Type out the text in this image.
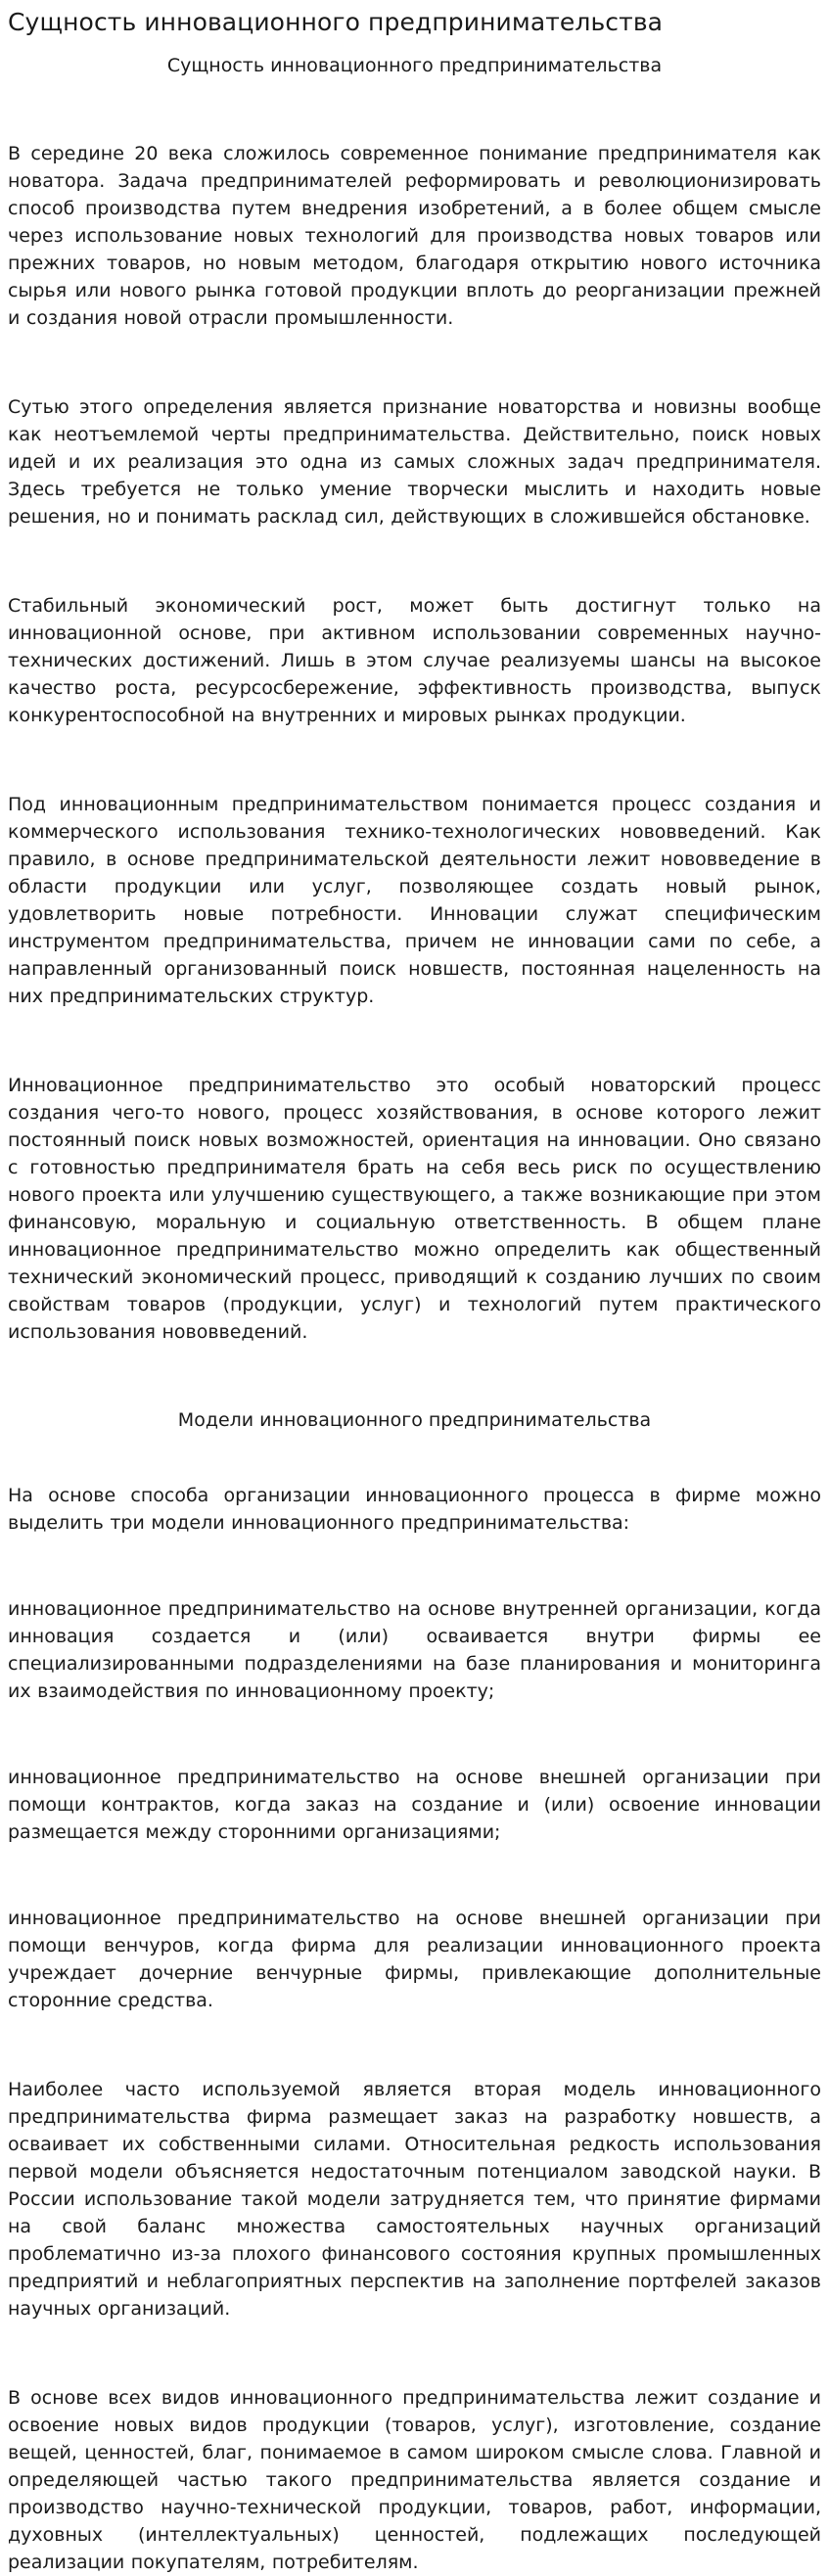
Сущность инновационного предпринимательства
Сущность инновационного предпринимательства

В середине 20 века сложилось современное понимание предпринимателя как новатора. Задача предпринимателей реформировать и революционизировать способ производства путем внедрения изобретений, а в более общем смысле через использование новых технологий для производства новых товаров или прежних товаров, но новым методом, благодаря открытию нового источника сырья или нового рынка готовой продукции вплоть до реорганизации прежней и создания новой отрасли промышленности.

Сутью этого определения является признание новаторства и новизны вообще как неотъемлемой черты предпринимательства. Действительно, поиск новых идей и их реализация это одна из самых сложных задач предпринимателя. Здесь требуется не только умение творчески мыслить и находить новые решения, но и понимать расклад сил, действующих в сложившейся обстановке.

Стабильный экономический рост, может быть достигнут только на инновационной основе, при активном использовании современных научно-технических достижений. Лишь в этом случае реализуемы шансы на высокое качество роста, ресурсосбережение, эффективность производства, выпуск конкурентоспособной на внутренних и мировых рынках продукции.

Под инновационным предпринимательством понимается процесс создания и коммерческого использования технико-технологических нововведений. Как правило, в основе предпринимательской деятельности лежит нововведение в области продукции или услуг, позволяющее создать новый рынок, удовлетворить новые потребности. Инновации служат специфическим инструментом предпринимательства, причем не инновации сами по себе, а направленный организованный поиск новшеств, постоянная нацеленность на них предпринимательских структур.

Инновационное предпринимательство это особый новаторский процесс создания чего-то нового, процесс хозяйствования, в основе которого лежит постоянный поиск новых возможностей, ориентация на инновации. Оно связано с готовностью предпринимателя брать на себя весь риск по осуществлению нового проекта или улучшению существующего, а также возникающие при этом финансовую, моральную и социальную ответственность. В общем плане инновационное предпринимательство можно определить как общественный технический экономический процесс, приводящий к созданию лучших по своим свойствам товаров (продукции, услуг) и технологий путем практического использования нововведений.

Модели инновационного предпринимательства

На основе способа организации инновационного процесса в фирме можно выделить три модели инновационного предпринимательства:

инновационное предпринимательство на основе внутренней организации, когда инновация создается и (или) осваивается внутри фирмы ее специализированными подразделениями на базе планирования и мониторинга их взаимодействия по инновационному проекту;

инновационное предпринимательство на основе внешней организации при помощи контрактов, когда заказ на создание и (или) освоение инновации размещается между сторонними организациями;

инновационное предпринимательство на основе внешней организации при помощи венчуров, когда фирма для реализации инновационного проекта учреждает дочерние венчурные фирмы, привлекающие дополнительные сторонние средства.

Наиболее часто используемой является вторая модель инновационного предпринимательства фирма размещает заказ на разработку новшеств, а осваивает их собственными силами. Относительная редкость использования первой модели объясняется недостаточным потенциалом заводской науки. В России использование такой модели затрудняется тем, что принятие фирмами на свой баланс множества самостоятельных научных организаций проблематично из-за плохого финансового состояния крупных промышленных предприятий и неблагоприятных перспектив на заполнение портфелей заказов научных организаций.

В основе всех видов инновационного предпринимательства лежит создание и освоение новых видов продукции (товаров, услуг), изготовление, создание вещей, ценностей, благ, понимаемое в самом широком смысле слова. Главной и определяющей частью такого предпринимательства является создание и производство научно-технической продукции, товаров, работ, информации, духовных (интеллектуальных) ценностей, подлежащих последующей реализации покупателям, потребителям.
